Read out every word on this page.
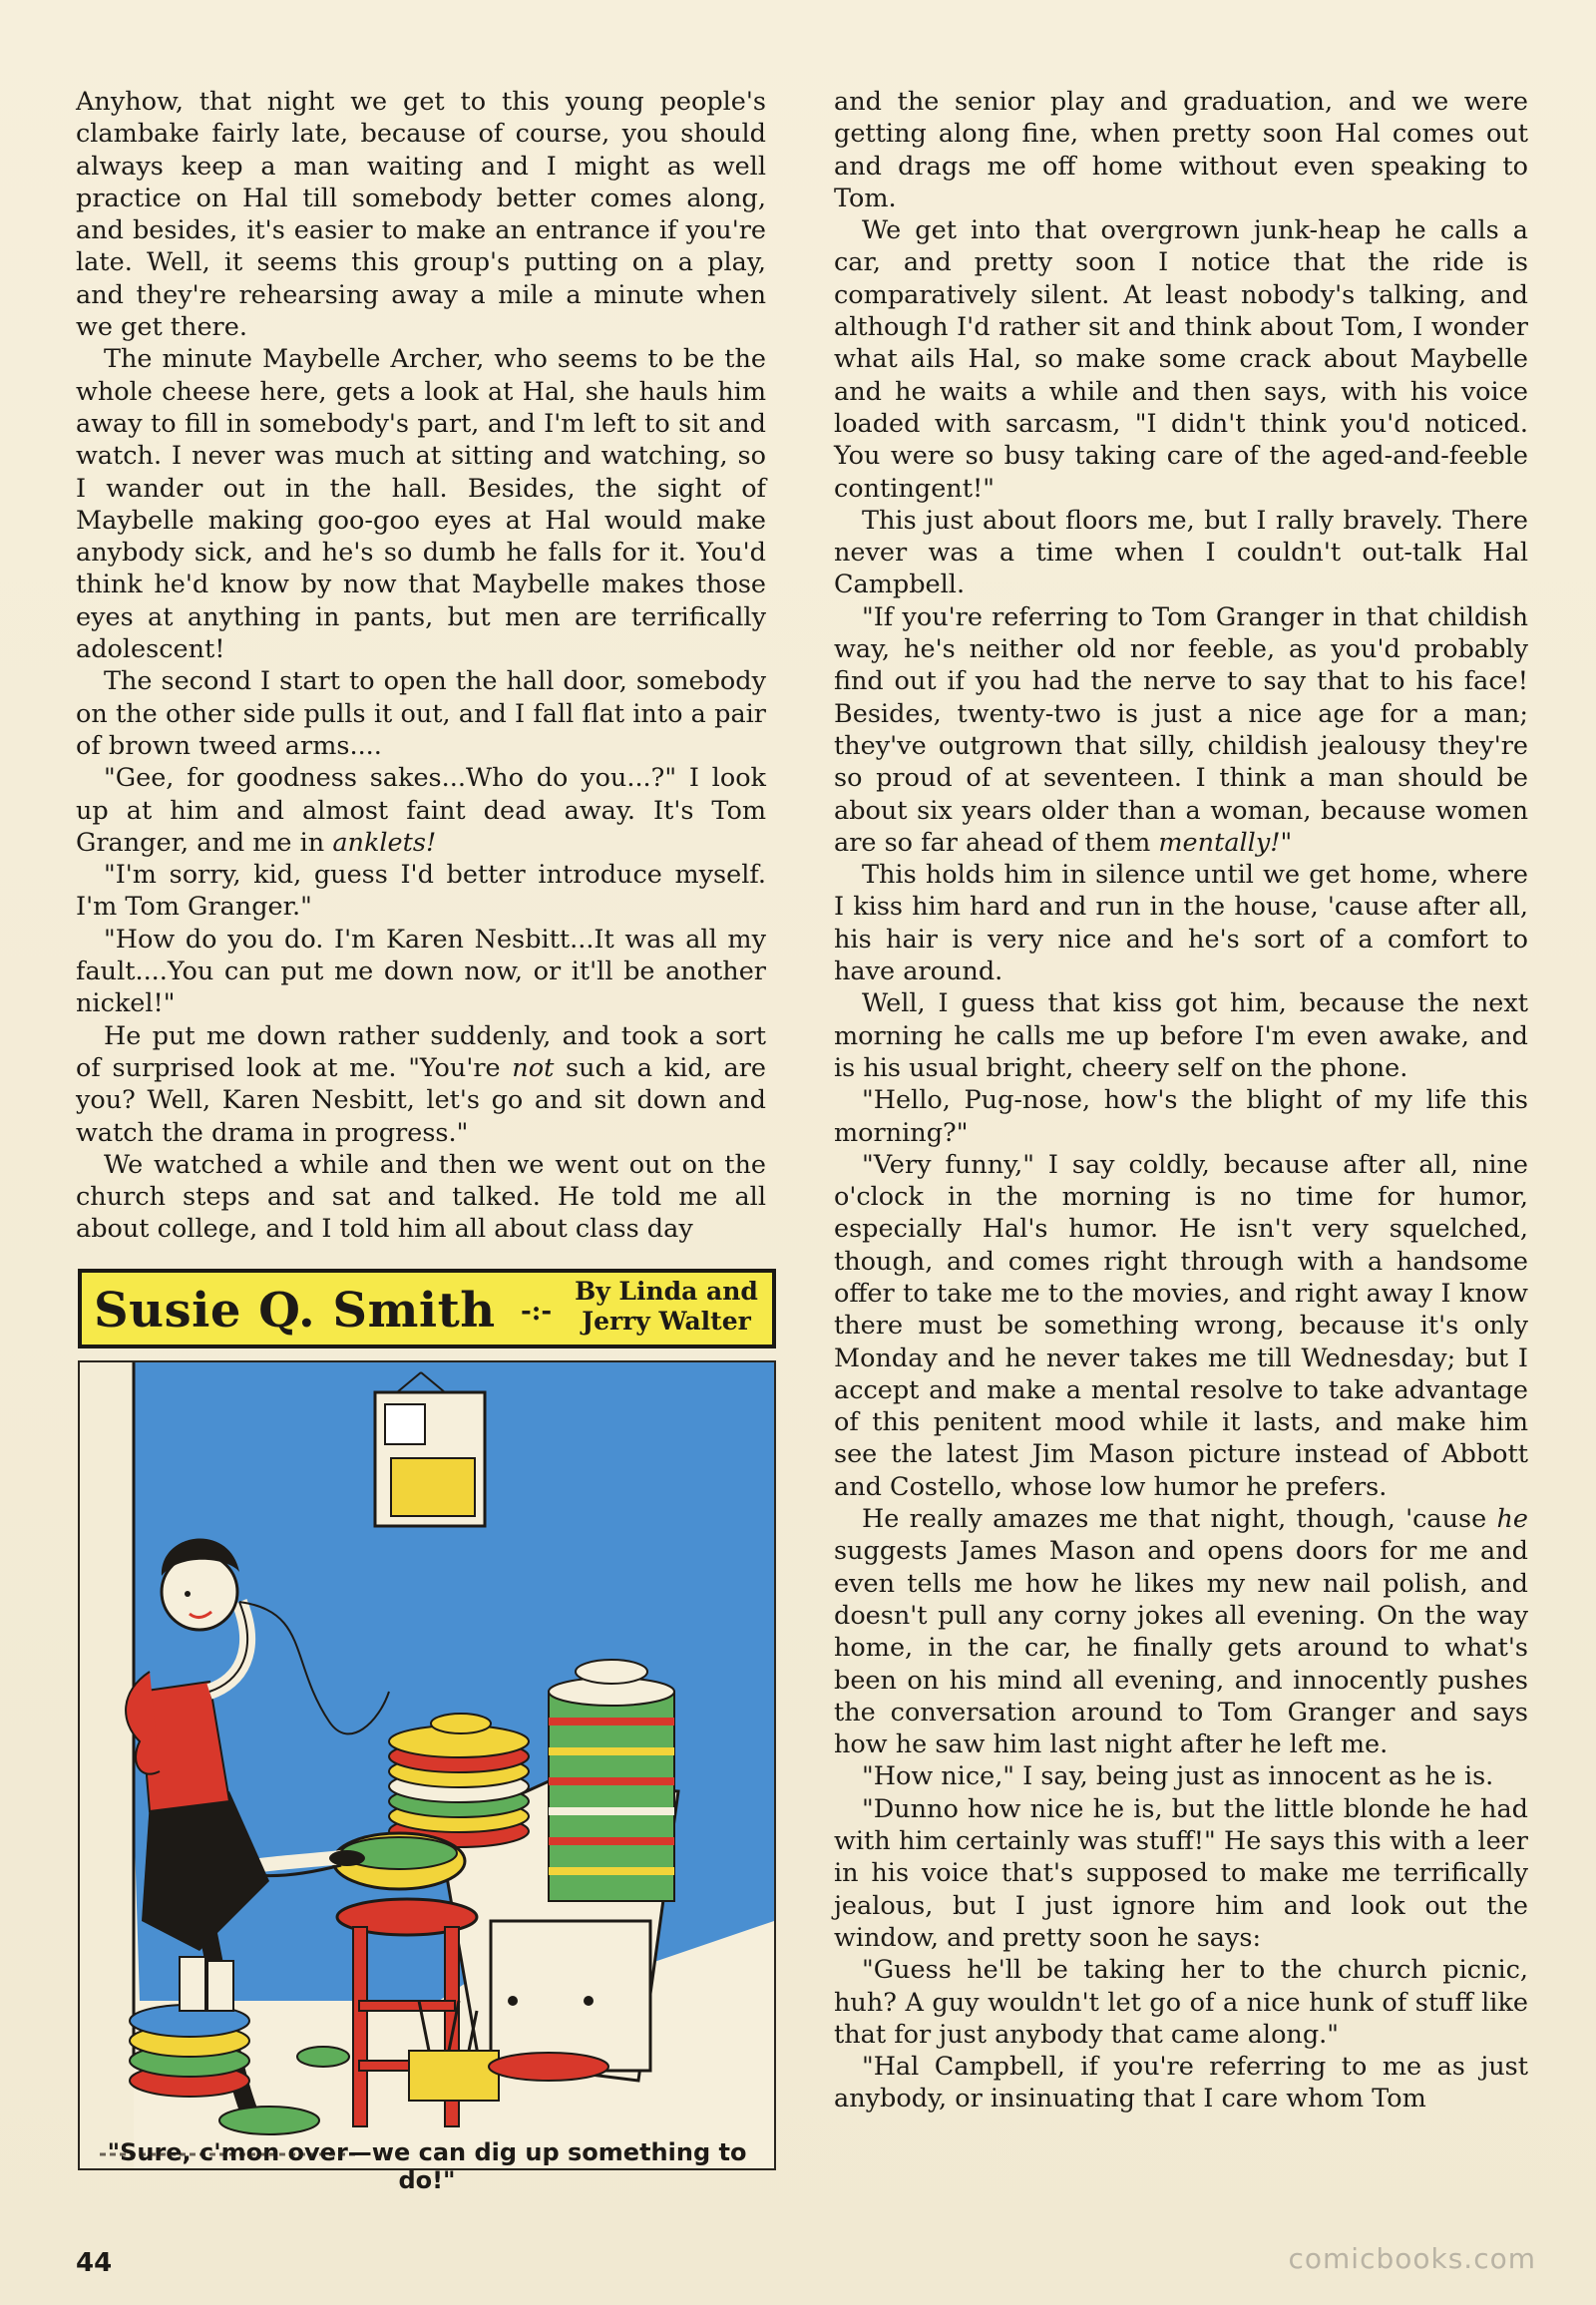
Anyhow, that night we get to this young people's clambake fairly late, because of course, you should always keep a man waiting and I might as well practice on Hal till somebody better comes along, and besides, it's easier to make an entrance if you're late. Well, it seems this group's putting on a play, and they're rehearsing away a mile a minute when we get there.

The minute Maybelle Archer, who seems to be the whole cheese here, gets a look at Hal, she hauls him away to fill in somebody's part, and I'm left to sit and watch. I never was much at sitting and watching, so I wander out in the hall. Besides, the sight of Maybelle making goo-goo eyes at Hal would make anybody sick, and he's so dumb he falls for it. You'd think he'd know by now that Maybelle makes those eyes at anything in pants, but men are terrifically adolescent!

The second I start to open the hall door, somebody on the other side pulls it out, and I fall flat into a pair of brown tweed arms....

"Gee, for goodness sakes...Who do you...?" I look up at him and almost faint dead away. It's Tom Granger, and me in anklets!

"I'm sorry, kid, guess I'd better introduce myself. I'm Tom Granger."

"How do you do. I'm Karen Nesbitt...It was all my fault....You can put me down now, or it'll be another nickel!"

He put me down rather suddenly, and took a sort of surprised look at me. "You're not such a kid, are you? Well, Karen Nesbitt, let's go and sit down and watch the drama in progress."

We watched a while and then we went out on the church steps and sat and talked. He told me all about college, and I told him all about class day

and the senior play and graduation, and we were getting along fine, when pretty soon Hal comes out and drags me off home without even speaking to Tom.

We get into that overgrown junk-heap he calls a car, and pretty soon I notice that the ride is comparatively silent. At least nobody's talking, and although I'd rather sit and think about Tom, I wonder what ails Hal, so make some crack about Maybelle and he waits a while and then says, with his voice loaded with sarcasm, "I didn't think you'd noticed. You were so busy taking care of the aged-and-feeble contingent!"

This just about floors me, but I rally bravely. There never was a time when I couldn't out-talk Hal Campbell.

"If you're referring to Tom Granger in that childish way, he's neither old nor feeble, as you'd probably find out if you had the nerve to say that to his face! Besides, twenty-two is just a nice age for a man; they've outgrown that silly, childish jealousy they're so proud of at seventeen. I think a man should be about six years older than a woman, because women are so far ahead of them mentally!"

This holds him in silence until we get home, where I kiss him hard and run in the house, 'cause after all, his hair is very nice and he's sort of a comfort to have around.

Well, I guess that kiss got him, because the next morning he calls me up before I'm even awake, and is his usual bright, cheery self on the phone.

"Hello, Pug-nose, how's the blight of my life this morning?"

"Very funny," I say coldly, because after all, nine o'clock in the morning is no time for humor, especially Hal's humor. He isn't very squelched, though, and comes right through with a handsome offer to take me to the movies, and right away I know there must be something wrong, because it's only Monday and he never takes me till Wednesday; but I accept and make a mental resolve to take advantage of this penitent mood while it lasts, and make him see the latest Jim Mason picture instead of Abbott and Costello, whose low humor he prefers.

He really amazes me that night, though, 'cause he suggests James Mason and opens doors for me and even tells me how he likes my new nail polish, and doesn't pull any corny jokes all evening. On the way home, in the car, he finally gets around to what's been on his mind all evening, and innocently pushes the conversation around to Tom Granger and says how he saw him last night after he left me.

"How nice," I say, being just as innocent as he is.

"Dunno how nice he is, but the little blonde he had with him certainly was stuff!" He says this with a leer in his voice that's supposed to make me terrifically jealous, but I just ignore him and look out the window, and pretty soon he says:

"Guess he'll be taking her to the church picnic, huh? A guy wouldn't let go of a nice hunk of stuff like that for just anybody that came along."

"Hal Campbell, if you're referring to me as just anybody, or insinuating that I care whom Tom

Susie Q. Smith -:-
By Linda and
Jerry Walter
"Sure, c'mon over—we can dig up something to do!"
44	comicbooks.com
